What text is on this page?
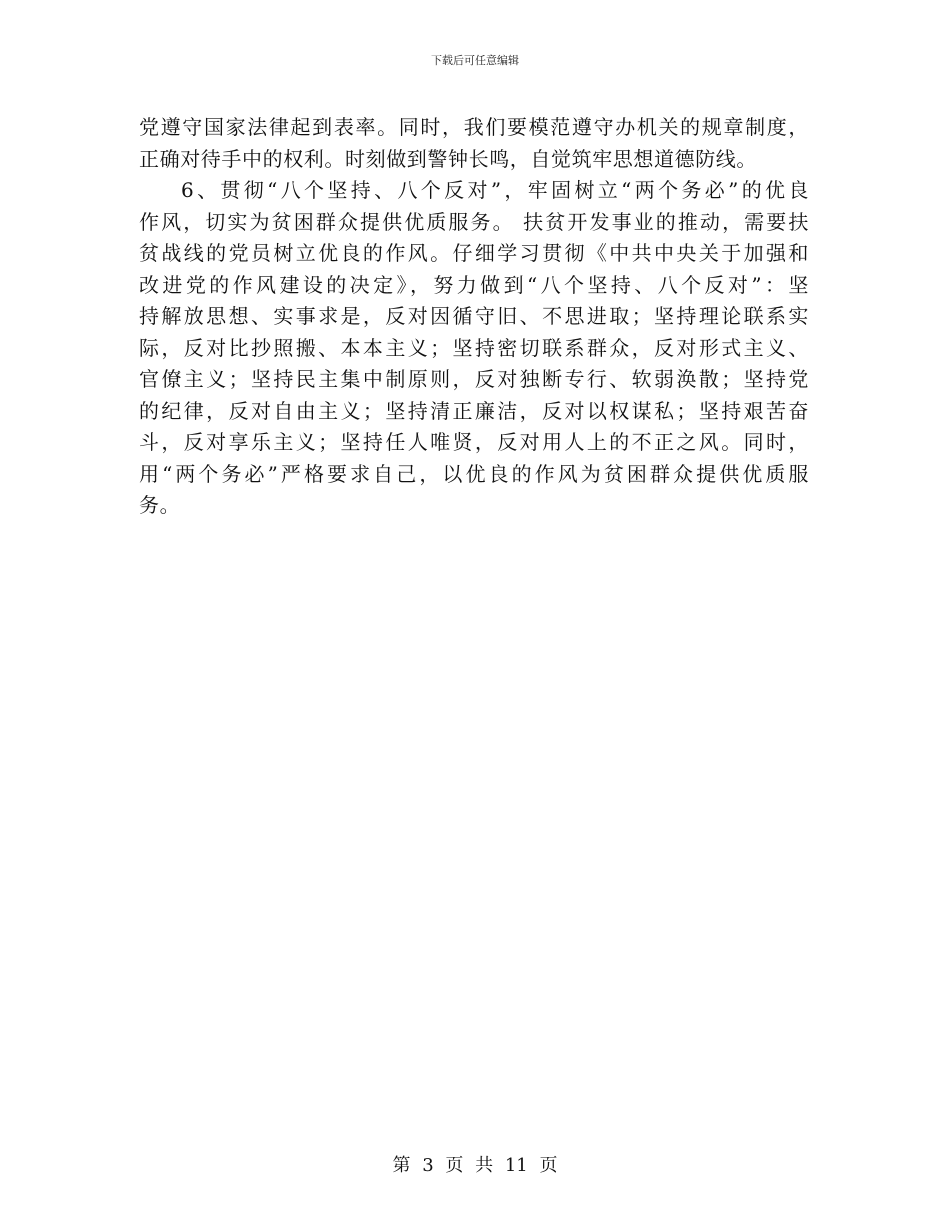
下载后可任意编辑
党遵守国家法律起到表率。同时，我们要模范遵守办机关的规章制度，
正确对待手中的权利。时刻做到警钟长鸣，自觉筑牢思想道德防线。
6、贯彻“八个坚持、八个反对”，牢固树立“两个务必”的优良
作风，切实为贫困群众提供优质服务。 扶贫开发事业的推动，需要扶
贫战线的党员树立优良的作风。仔细学习贯彻《中共中央关于加强和
改进党的作风建设的决定》，努力做到“八个坚持、八个反对”：坚
持解放思想、实事求是，反对因循守旧、不思进取；坚持理论联系实
际，反对比抄照搬、本本主义；坚持密切联系群众，反对形式主义、
官僚主义；坚持民主集中制原则，反对独断专行、软弱涣散；坚持党
的纪律，反对自由主义；坚持清正廉洁，反对以权谋私；坚持艰苦奋
斗，反对享乐主义；坚持任人唯贤，反对用人上的不正之风。同时，
用“两个务必”严格要求自己，以优良的作风为贫困群众提供优质服
务。
第 3 页 共 11 页
